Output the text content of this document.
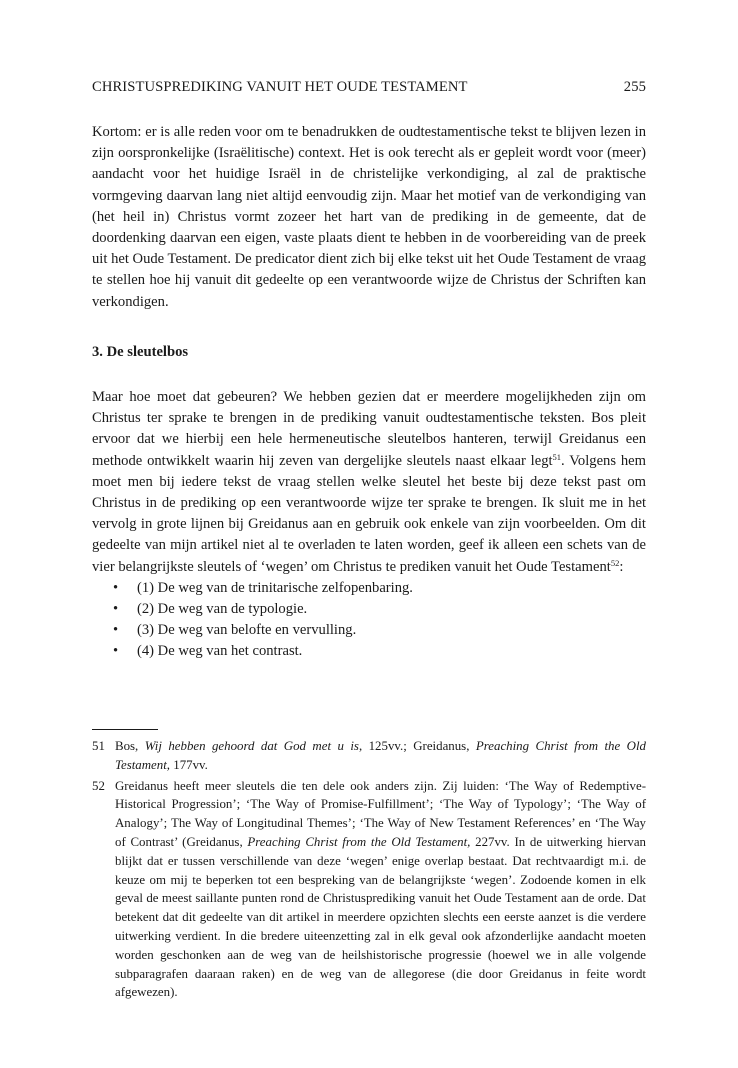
CHRISTUSPREDIKING VANUIT HET OUDE TESTAMENT	255

Kortom: er is alle reden voor om te benadrukken de oudtestamentische tekst te blijven lezen in zijn oorspronkelijke (Israëlitische) context. Het is ook terecht als er gepleit wordt voor (meer) aandacht voor het huidige Israël in de christelijke verkondiging, al zal de praktische vormgeving daarvan lang niet altijd eenvoudig zijn. Maar het motief van de verkondiging van (het heil in) Christus vormt zozeer het hart van de prediking in de gemeente, dat de doordenking daarvan een eigen, vaste plaats dient te hebben in de voorbereiding van de preek uit het Oude Testament. De predicator dient zich bij elke tekst uit het Oude Testament de vraag te stellen hoe hij vanuit dit gedeelte op een verantwoorde wijze de Christus der Schriften kan verkondigen.

3. De sleutelbos

Maar hoe moet dat gebeuren? We hebben gezien dat er meerdere mogelijkheden zijn om Christus ter sprake te brengen in de prediking vanuit oudtestamentische teksten. Bos pleit ervoor dat we hierbij een hele hermeneutische sleutelbos hanteren, terwijl Greidanus een methode ontwikkelt waarin hij zeven van dergelijke sleutels naast elkaar legt$^{51}$. Volgens hem moet men bij iedere tekst de vraag stellen welke sleutel het beste bij deze tekst past om Christus in de prediking op een verantwoorde wijze ter sprake te brengen. Ik sluit me in het vervolg in grote lijnen bij Greidanus aan en gebruik ook enkele van zijn voorbeelden. Om dit gedeelte van mijn artikel niet al te overladen te laten worden, geef ik alleen een schets van de vier belangrijkste sleutels of ‘wegen’ om Christus te prediken vanuit het Oude Testament$^{52}$:

• (1) De weg van de trinitarische zelfopenbaring.
• (2) De weg van de typologie.
• (3) De weg van belofte en vervulling.
• (4) De weg van het contrast.

51 Bos, Wij hebben gehoord dat God met u is, 125vv.; Greidanus, Preaching Christ from the Old Testament, 177vv.

52 Greidanus heeft meer sleutels die ten dele ook anders zijn. Zij luiden: ‘The Way of Redemptive-Historical Progression’; ‘The Way of Promise-Fulfillment’; ‘The Way of Typology’; ‘The Way of Analogy’; The Way of Longitudinal Themes’; ‘The Way of New Testament References’ en ‘The Way of Contrast’ (Greidanus, Preaching Christ from the Old Testament, 227vv. In de uitwerking hiervan blijkt dat er tussen verschillende van deze ‘wegen’ enige overlap bestaat. Dat rechtvaardigt m.i. de keuze om mij te beperken tot een bespreking van de belangrijkste ‘wegen’. Zodoende komen in elk geval de meest saillante punten rond de Christusprediking vanuit het Oude Testament aan de orde. Dat betekent dat dit gedeelte van dit artikel in meerdere opzichten slechts een eerste aanzet is die verdere uitwerking verdient. In die bredere uiteenzetting zal in elk geval ook afzonderlijke aandacht moeten worden geschonken aan de weg van de heilshistorische progressie (hoewel we in alle volgende subparagrafen daaraan raken) en de weg van de allegorese (die door Greidanus in feite wordt afgewezen).
